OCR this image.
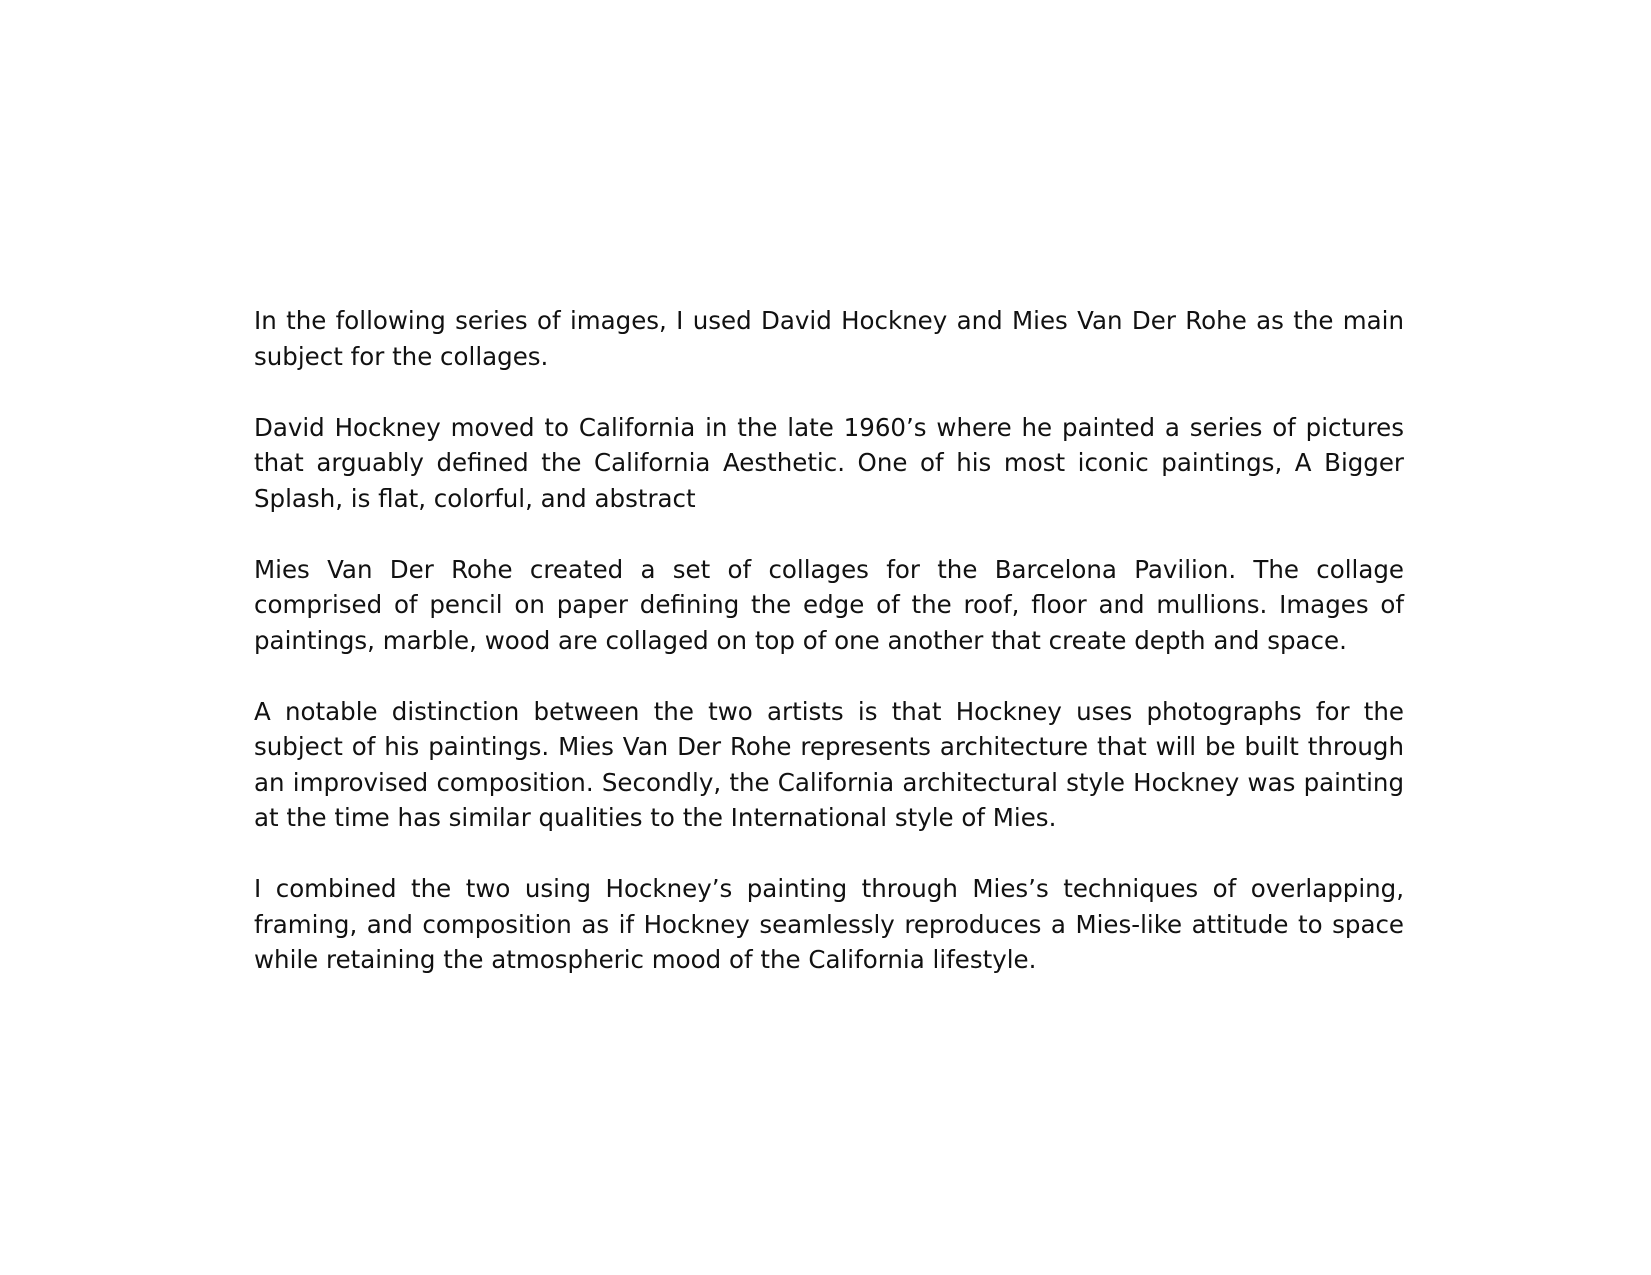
In the following series of images, I used David Hockney and Mies Van Der Rohe as the main subject for the collages.

David Hockney moved to California in the late 1960’s where he painted a series of pictures that arguably defined the California Aesthetic. One of his most iconic paintings, A Bigger Splash, is flat, colorful, and abstract

Mies Van Der Rohe created a set of collages for the Barcelona Pavilion. The collage comprised of pencil on paper defining the edge of the roof, floor and mullions. Images of paintings, marble, wood are collaged on top of one another that create depth and space.

A notable distinction between the two artists is that Hockney uses photographs for the subject of his paintings. Mies Van Der Rohe represents architecture that will be built through an improvised composition. Secondly, the California architectural style Hockney was painting at the time has similar qualities to the International style of Mies.

I combined the two using Hockney’s painting through Mies’s techniques of overlapping, framing, and composition as if Hockney seamlessly reproduces a Mies-like attitude to space while retaining the atmospheric mood of the California lifestyle.
